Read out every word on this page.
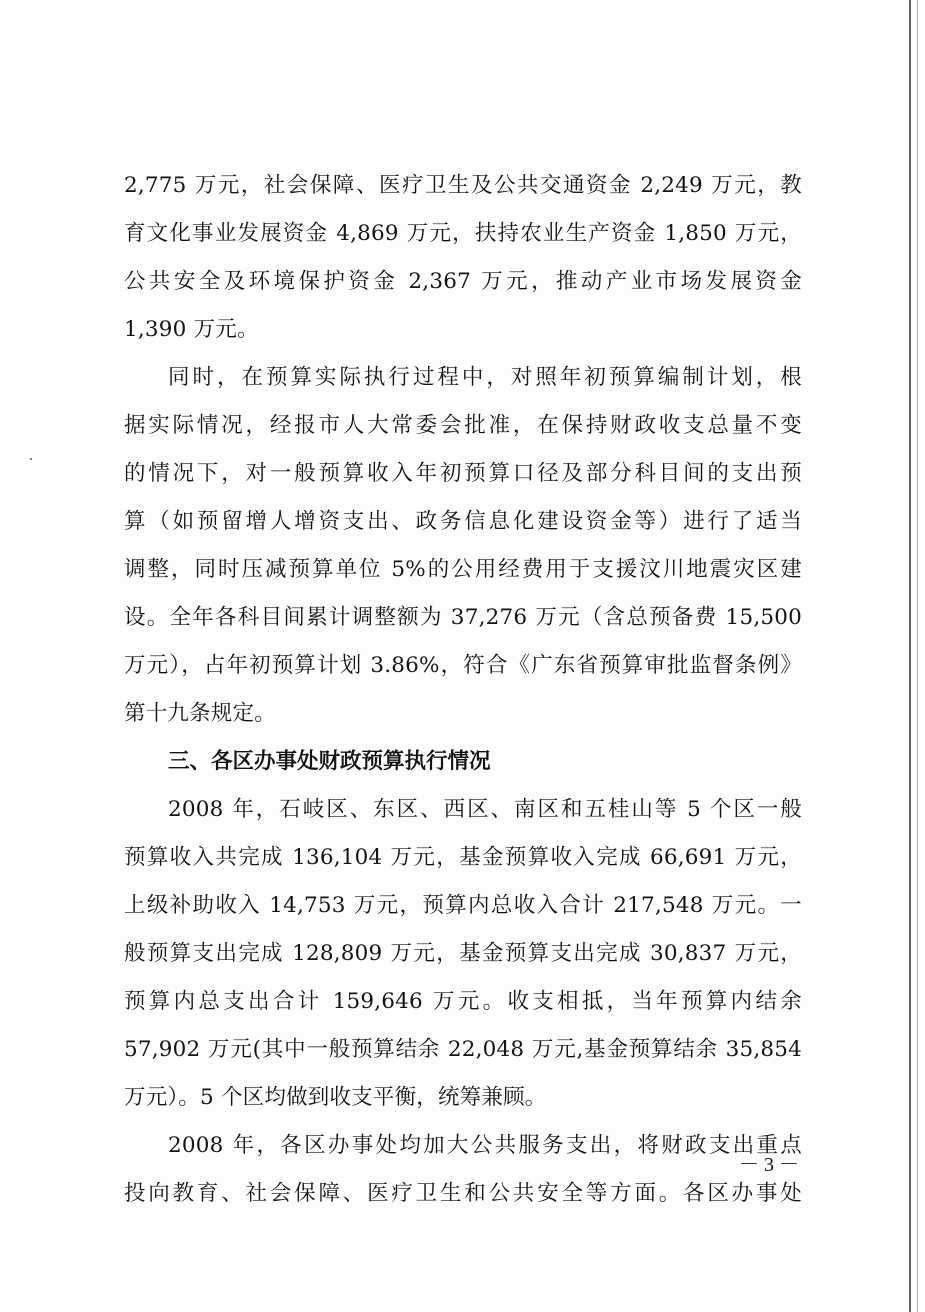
2,775 万元，社会保障、医疗卫生及公共交通资金 2,249 万元，教
育文化事业发展资金 4,869 万元，扶持农业生产资金 1,850 万元，
公共安全及环境保护资金 2,367 万元，推动产业市场发展资金
1,390 万元。
同时，在预算实际执行过程中，对照年初预算编制计划，根
据实际情况，经报市人大常委会批准，在保持财政收支总量不变
的情况下，对一般预算收入年初预算口径及部分科目间的支出预
算（如预留增人增资支出、政务信息化建设资金等）进行了适当
调整，同时压减预算单位 5%的公用经费用于支援汶川地震灾区建
设。全年各科目间累计调整额为 37,276 万元（含总预备费 15,500
万元），占年初预算计划 3.86%，符合《广东省预算审批监督条例》
第十九条规定。
三、各区办事处财政预算执行情况
2008 年，石岐区、东区、西区、南区和五桂山等 5 个区一般
预算收入共完成 136,104 万元，基金预算收入完成 66,691 万元，
上级补助收入 14,753 万元，预算内总收入合计 217,548 万元。一
般预算支出完成 128,809 万元，基金预算支出完成 30,837 万元，
预算内总支出合计 159,646 万元。收支相抵，当年预算内结余
57,902 万元(其中一般预算结余 22,048 万元,基金预算结余 35,854
万元）。5 个区均做到收支平衡，统筹兼顾。
2008 年，各区办事处均加大公共服务支出，将财政支出重点
投向教育、社会保障、医疗卫生和公共安全等方面。各区办事处
－ 3 －
